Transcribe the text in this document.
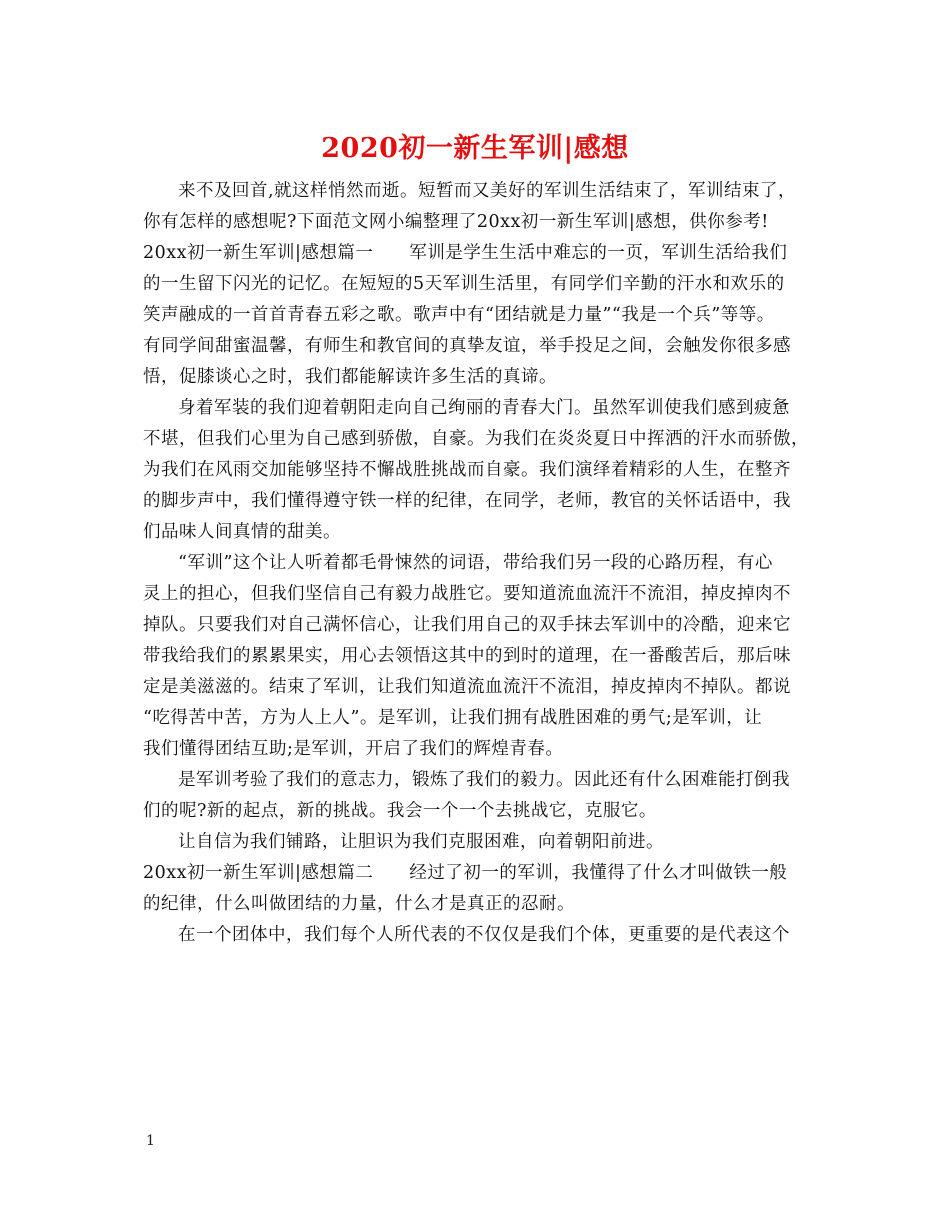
2020初一新生军训|感想
来不及回首,就这样悄然而逝。短暂而又美好的军训生活结束了，军训结束了，
你有怎样的感想呢?下面范文网小编整理了20xx初一新生军训|感想，供你参考!
20xx初一新生军训|感想篇一　　军训是学生生活中难忘的一页，军训生活给我们
的一生留下闪光的记忆。在短短的5天军训生活里，有同学们辛勤的汗水和欢乐的
笑声融成的一首首青春五彩之歌。歌声中有“团结就是力量”“我是一个兵”等等。
有同学间甜蜜温馨，有师生和教官间的真挚友谊，举手投足之间，会触发你很多感
悟，促膝谈心之时，我们都能解读许多生活的真谛。
身着军装的我们迎着朝阳走向自己绚丽的青春大门。虽然军训使我们感到疲惫
不堪，但我们心里为自己感到骄傲，自豪。为我们在炎炎夏日中挥洒的汗水而骄傲，
为我们在风雨交加能够坚持不懈战胜挑战而自豪。我们演绎着精彩的人生，在整齐
的脚步声中，我们懂得遵守铁一样的纪律，在同学，老师，教官的关怀话语中，我
们品味人间真情的甜美。
“军训”这个让人听着都毛骨悚然的词语，带给我们另一段的心路历程，有心
灵上的担心，但我们坚信自己有毅力战胜它。要知道流血流汗不流泪，掉皮掉肉不
掉队。只要我们对自己满怀信心，让我们用自己的双手抹去军训中的冷酷，迎来它
带我给我们的累累果实，用心去领悟这其中的到时的道理，在一番酸苦后，那后味
定是美滋滋的。结束了军训，让我们知道流血流汗不流泪，掉皮掉肉不掉队。都说
“吃得苦中苦，方为人上人”。是军训，让我们拥有战胜困难的勇气;是军训，让
我们懂得团结互助;是军训，开启了我们的辉煌青春。
是军训考验了我们的意志力，锻炼了我们的毅力。因此还有什么困难能打倒我
们的呢?新的起点，新的挑战。我会一个一个去挑战它，克服它。
让自信为我们铺路，让胆识为我们克服困难，向着朝阳前进。
20xx初一新生军训|感想篇二　　经过了初一的军训，我懂得了什么才叫做铁一般
的纪律，什么叫做团结的力量，什么才是真正的忍耐。
在一个团体中，我们每个人所代表的不仅仅是我们个体，更重要的是代表这个
1
